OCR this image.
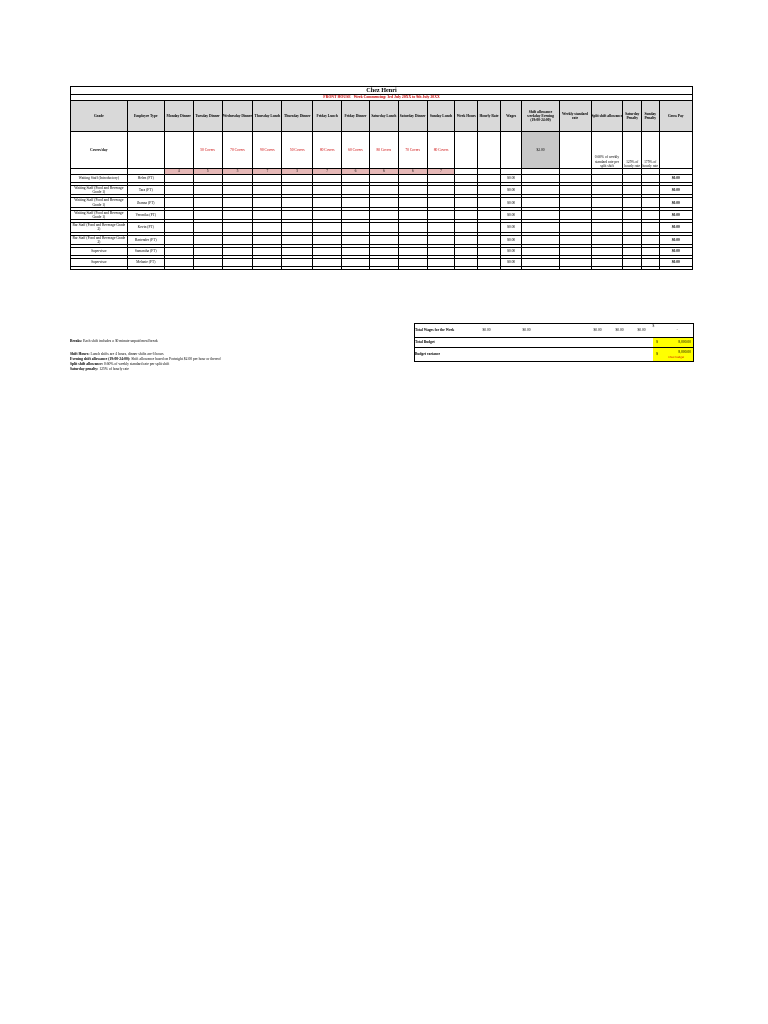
Chez Henri																				
FRONT HOUSE Week Commencing: 3rd July 20XX to 9th July 20XX																				
Grade	Employee Type	Monday Dinner	Tuesday Dinner	Wednesday Dinner	Thursday Lunch	Thursday Dinner	Friday Lunch	Friday Dinner	Saturday Lunch	Saturday Dinner	Sunday Lunch	Week Hours	Hourly Rate	Wages	Shift allowance weekday Evening (19:00-24:00)	Weekly standard rate	Split shift allowance	Saturday Penalty	Sunday Penalty	Gross Pay
Covers/day			50 Covers	70 Covers	90 Covers	50 Covers	80 Covers	60 Covers	80 Covers	70 Covers	80 Covers				$2.00		0.60% of weekly standard rate per split shift	125% of hourly rate	175% of hourly rate	
		4	5	5	7	5	7	6	6	6	7									
Waiting Staff (Introductory)	Helen (FT)													$0.00						$0.00

Waiting Staff (Food and Beverage Grade 1)	Tara (FT)													$0.00						$0.00

Waiting Staff (Food and Beverage Grade 1)	Jhanna (FT)													$0.00						$0.00

Waiting Staff (Food and Beverage Grade 1)	Veronika (FT)													$0.00						$0.00

Bar Staff (Food and Beverage Grade 2)	Kevin (FT)													$0.00						$0.00

Bar Staff (Food and Beverage Grade 2)	Bartender (FT)													$0.00						$0.00

Supervisor	Samantha (FT)													$0.00						$0.00

Supervisor	Melanie (FT)													$0.00						$0.00

Total Wages for the Week	$0.00	$0.00		$0.00	$0.00	$0.00	$	-
Total Budget							$	8,000.00
Budget variance							$	8,000.00
Over budget
Breaks: Each shift includes a 30 minute unpaid meal break
Shift Hours: Lunch shifts are 4 hours, dinner shifts are 6 hours
Evening shift allowance (19:00-24:00): Shift allowance based on Fortnight $2.00 per hour or thereof
Split shift allowance: 0.60% of weekly standard rate per split shift
Saturday penalty: 125% of hourly rate
